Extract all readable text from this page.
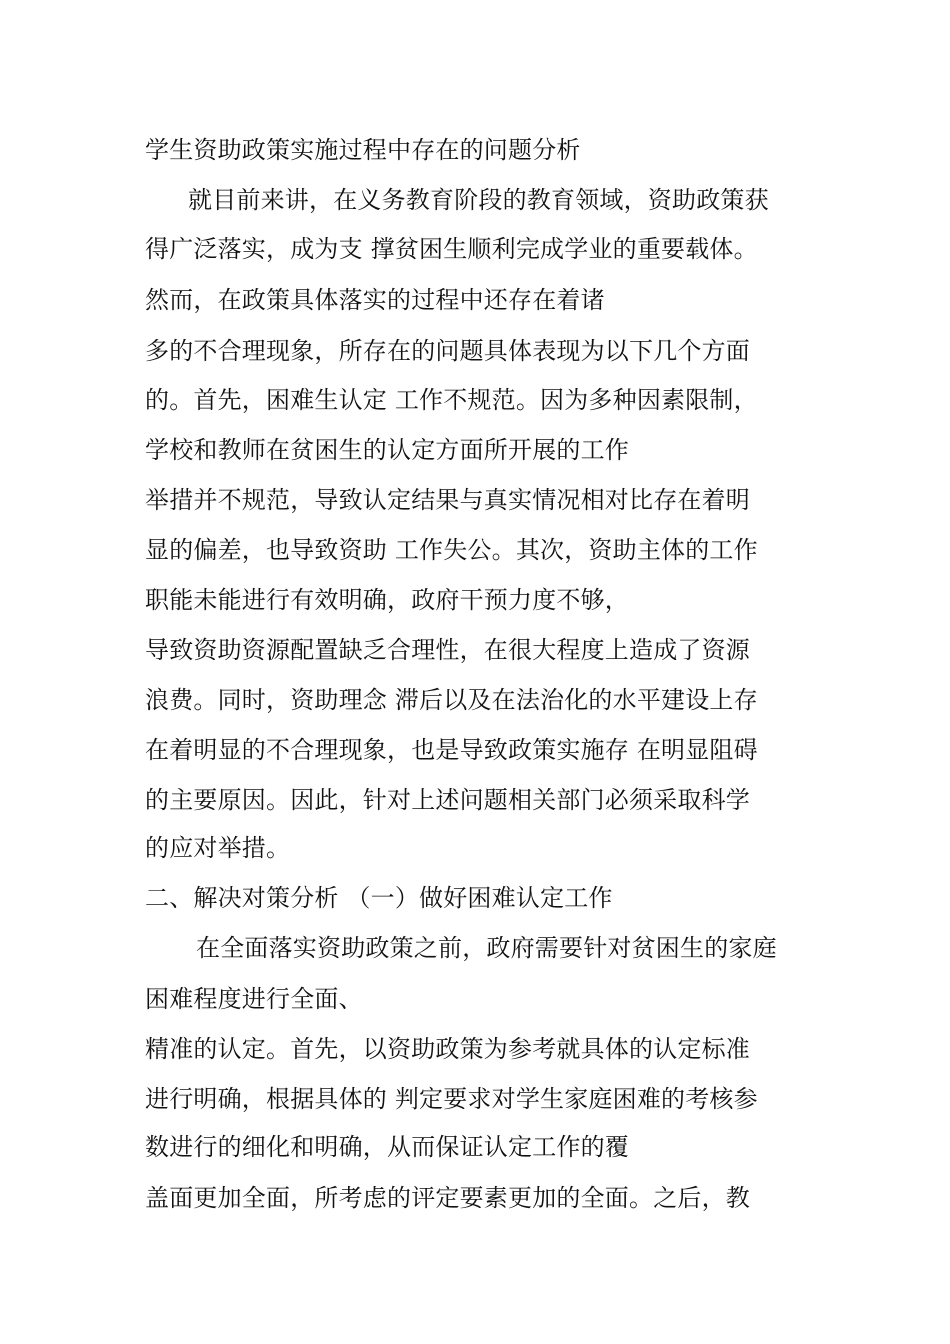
学生资助政策实施过程中存在的问题分析
就目前来讲，在义务教育阶段的教育领域，资助政策获
得广泛落实，成为支 撑贫困生顺利完成学业的重要载体。
然而，在政策具体落实的过程中还存在着诸
多的不合理现象，所存在的问题具体表现为以下几个方面
的。首先，困难生认定 工作不规范。因为多种因素限制，
学校和教师在贫困生的认定方面所开展的工作
举措并不规范，导致认定结果与真实情况相对比存在着明
显的偏差，也导致资助 工作失公。其次，资助主体的工作
职能未能进行有效明确，政府干预力度不够，
导致资助资源配置缺乏合理性，在很大程度上造成了资源
浪费。同时，资助理念 滞后以及在法治化的水平建设上存
在着明显的不合理现象，也是导致政策实施存 在明显阻碍
的主要原因。因此，针对上述问题相关部门必须采取科学
的应对举措。
二、解决对策分析 （一）做好困难认定工作
在全面落实资助政策之前，政府需要针对贫困生的家庭
困难程度进行全面、
精准的认定。首先，以资助政策为参考就具体的认定标准
进行明确，根据具体的 判定要求对学生家庭困难的考核参
数进行的细化和明确，从而保证认定工作的覆
盖面更加全面，所考虑的评定要素更加的全面。之后，教
